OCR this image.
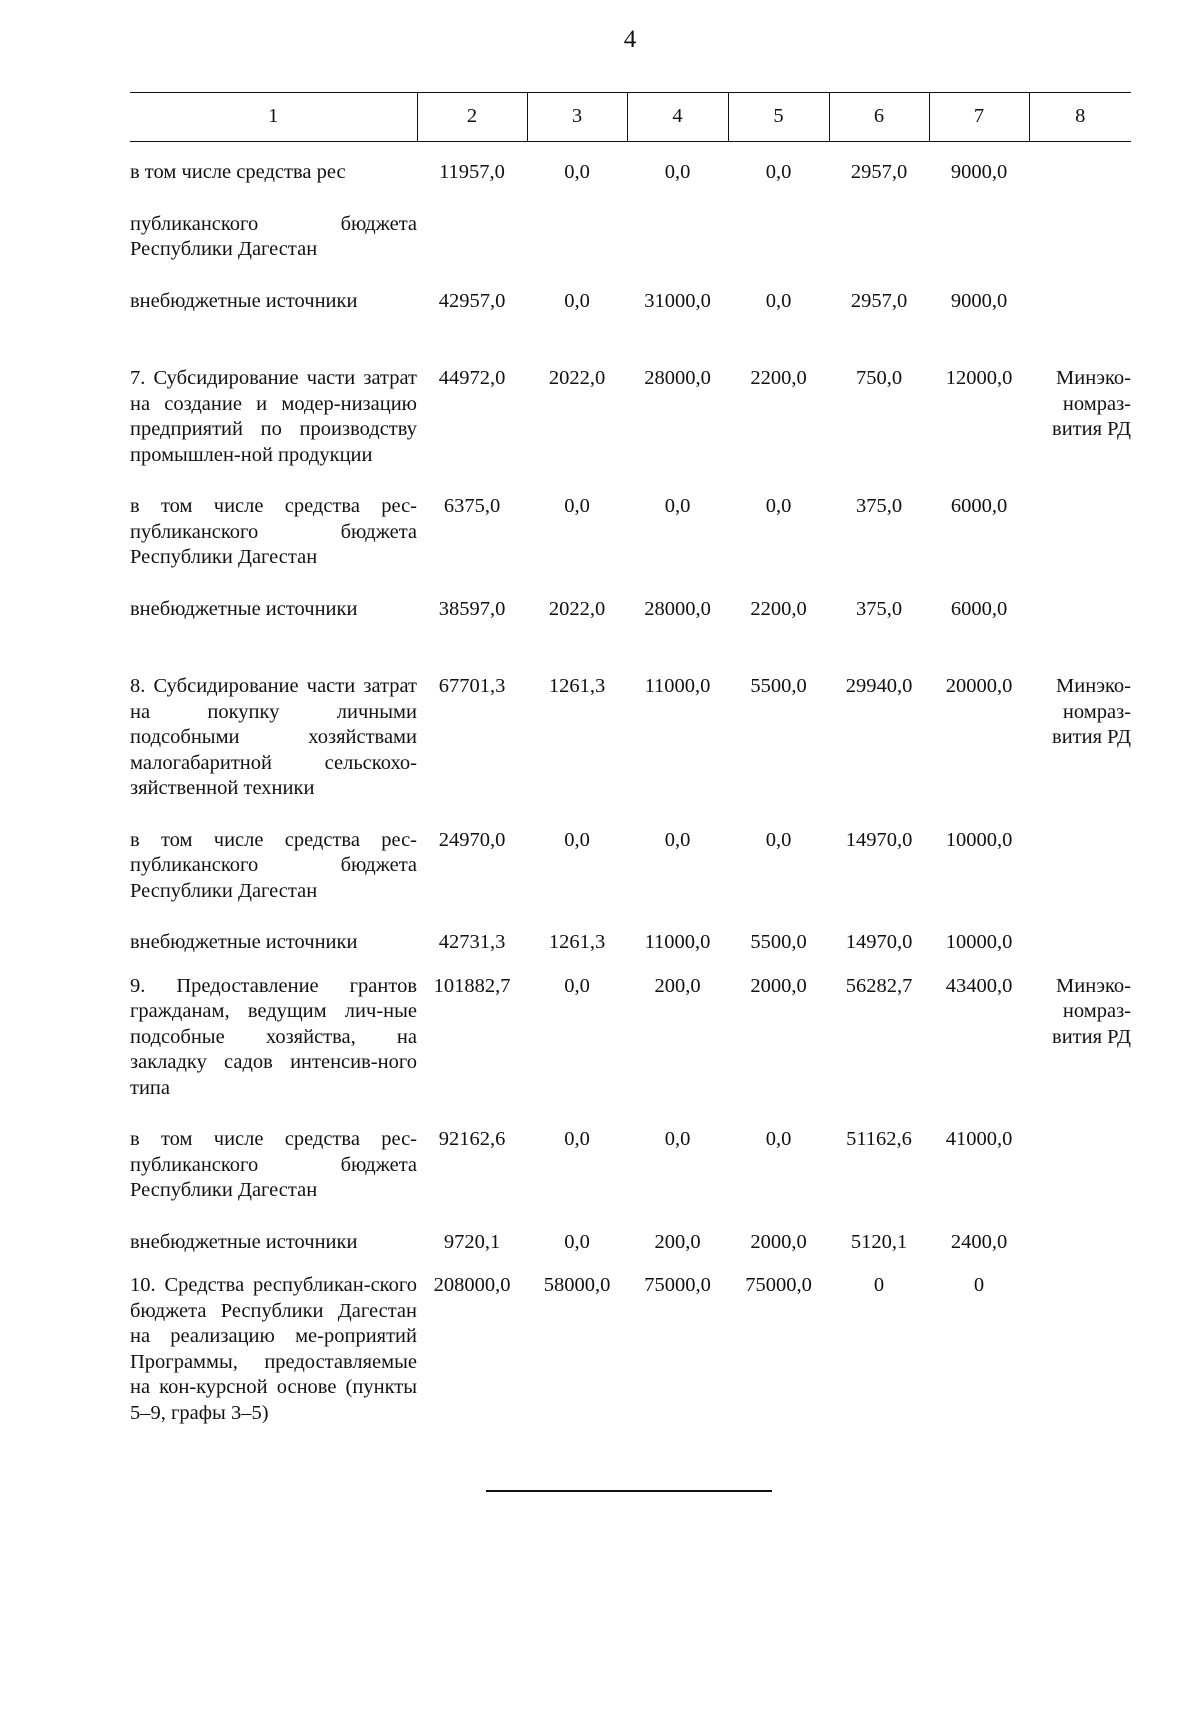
4
1	2	3	4	5	6	7	8

в том числе средства рес	11957,0	0,0	0,0	0,0	2957,0	9000,0	

публиканского бюджета Республики Дагестан							

внебюджетные источники	42957,0	0,0	31000,0	0,0	2957,0	9000,0	

7. Субсидирование части затрат на создание и модер-низацию предприятий по производству промышлен-ной продукции	44972,0	2022,0	28000,0	2200,0	750,0	12000,0	Минэко-номраз-вития РД

в том числе средства рес-публиканского бюджета Республики Дагестан	6375,0	0,0	0,0	0,0	375,0	6000,0	

внебюджетные источники	38597,0	2022,0	28000,0	2200,0	375,0	6000,0	

8. Субсидирование части затрат на покупку личными подсобными хозяйствами малогабаритной сельскохо-зяйственной техники	67701,3	1261,3	11000,0	5500,0	29940,0	20000,0	Минэко-номраз-вития РД

в том числе средства рес-публиканского бюджета Республики Дагестан	24970,0	0,0	0,0	0,0	14970,0	10000,0	

внебюджетные источники	42731,3	1261,3	11000,0	5500,0	14970,0	10000,0	

9. Предоставление грантов гражданам, ведущим лич-ные подсобные хозяйства, на закладку садов интенсив-ного типа	101882,7	0,0	200,0	2000,0	56282,7	43400,0	Минэко-номраз-вития РД

в том числе средства рес-публиканского бюджета Республики Дагестан	92162,6	0,0	0,0	0,0	51162,6	41000,0	

внебюджетные источники	9720,1	0,0	200,0	2000,0	5120,1	2400,0	

10. Средства республикан-ского бюджета Республики Дагестан на реализацию ме-роприятий Программы, предоставляемые на кон-курсной основе (пункты 5–9, графы 3–5)	208000,0	58000,0	75000,0	75000,0	0	0	
